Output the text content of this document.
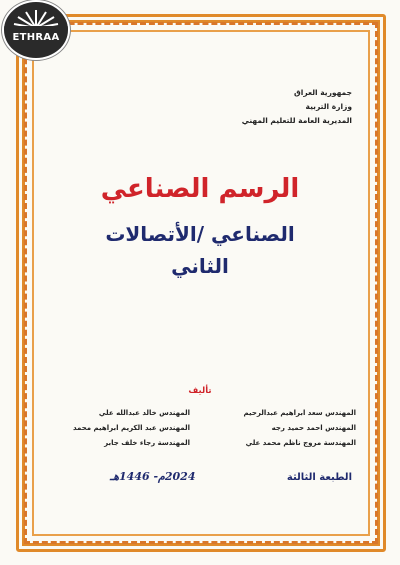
ETHRAA
جمهورية العراق
وزارة التربية
المديرية العامة للتعليم المهني
الرسم الصناعي
الصناعي /الأتصالات
الثاني
تأليف
المهندس سعد ابراهيم عبدالرحيم
المهندس احمد حميد رجه
المهندسة مروج ناظم محمد علي
المهندس خالد عبدالله علي
المهندس عبد الكريم ابراهيم محمد
المهندسة رجاء خلف جابر
الطبعة الثالثة
2024م- 1446هـ
